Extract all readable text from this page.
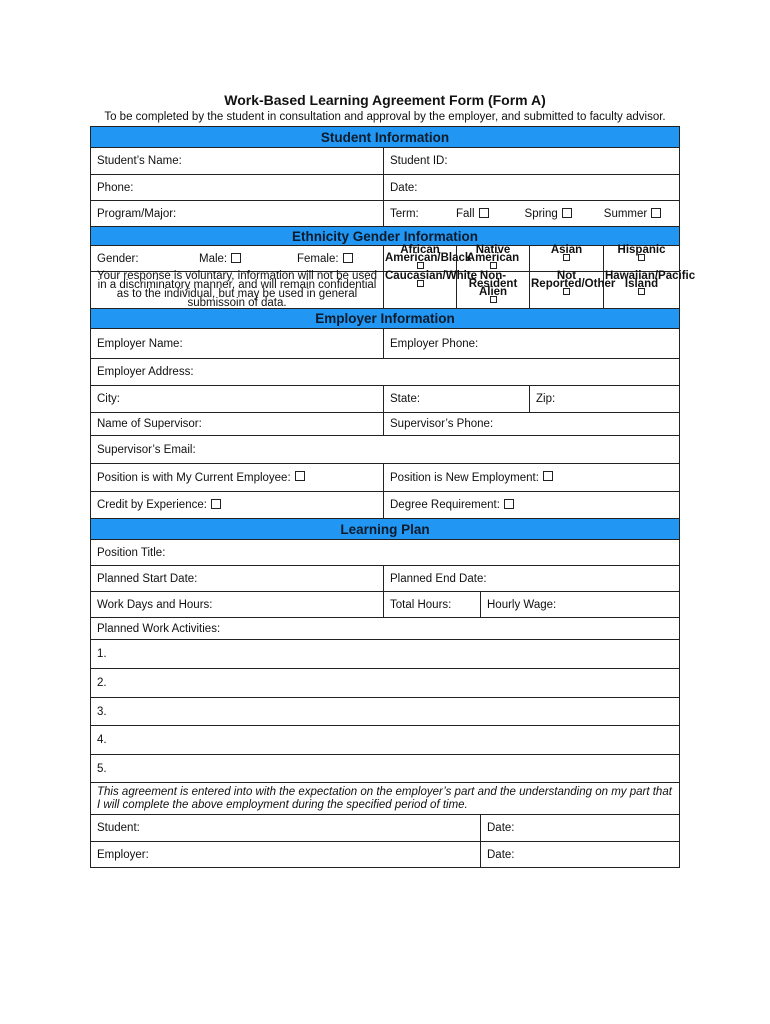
Work-Based Learning Agreement Form (Form A)
To be completed by the student in consultation and approval by the employer, and submitted to faculty advisor.
Student Information					
Student’s Name:	Student ID:				
Phone:	Date:				
Program/Major:	Term: Fall Spring Summer				

Ethnicity Gender Information					

Gender: Male: Female:	African American/Black	Native American		Asian	Hispanic

Your response is voluntary, information will not be used in a discriminatory manner, and will remain confidential as to the individual, but may be used in general submissoin of data.	Caucasian/White	Non-Resident Alien		Not Reported/Other	Hawaiian/Pacific Island

Employer Information					
Employer Name:	Employer Phone:				
Employer Address:					
City:	State:			Zip:	
Name of Supervisor:	Supervisor’s Phone:				
Supervisor’s Email:					
Position is with My Current Employee:	Position is New Employment:				
Credit by Experience:	Degree Requirement:				
Learning Plan					
Position Title:					
Planned Start Date:	Planned End Date:				
Work Days and Hours:	Total Hours:		Hourly Wage:		
Planned Work Activities:					
1.					
2.					
3.					
4.					
5.					
This agreement is entered into with the expectation on the employer’s part and the understanding on my part that I will complete the above employment during the specified period of time.					
Student:			Date:		
Employer:			Date:		
